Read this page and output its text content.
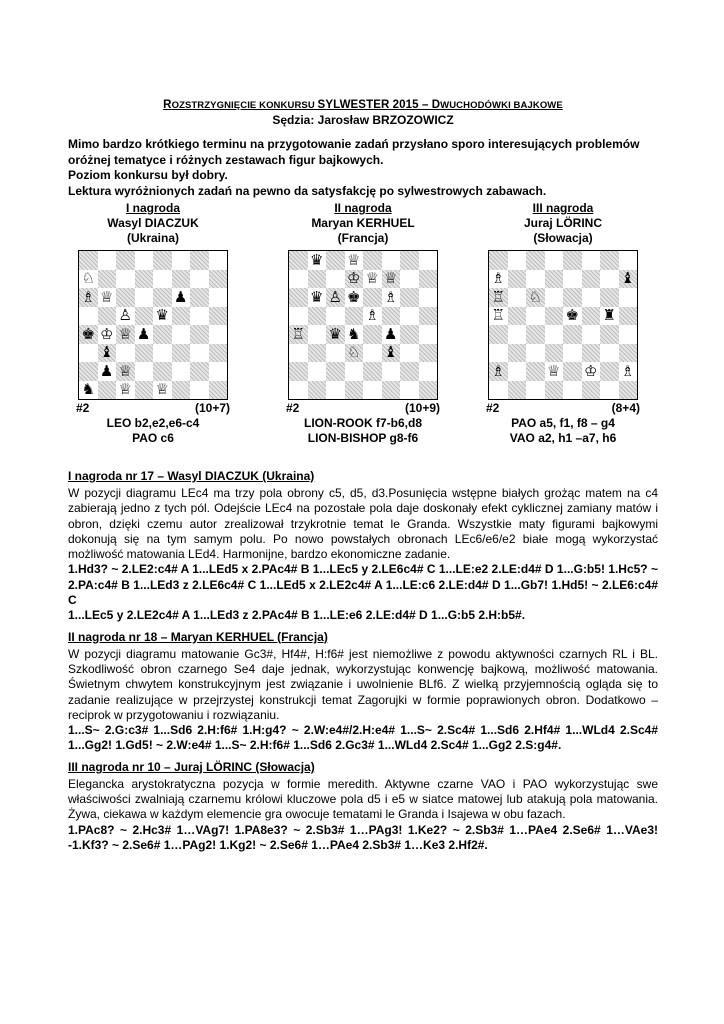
ROZSTRZYGNIĘCIE KONKURSU SYLWESTER 2015 – DWUCHODÓWKI BAJKOWE
Sędzia: Jarosław BRZOZOWICZ
Mimo bardzo krótkiego terminu na przygotowanie zadań przysłano sporo interesujących problemów oróżnej tematyce i różnych zestawach figur bajkowych.
Poziom konkursu był dobry.
Lektura wyróżnionych zadań na pewno da satysfakcję po sylwestrowych zabawach.
I nagroda
Wasyl DIACZUK
(Ukraina)
♘
♗ ♕	♟
♙ ♛
♚ ♔ ♕ ♟
♝
♟ ♕
♞ ♕ ♕
#2	(10+7)
LEO b2,e2,e6-c4
PAO c6
II nagroda
Maryan KERHUEL
(Francja)
♛ ♕
♔ ♕ ♕
♛ ♙ ♚ ♗
♗
♖ ♛ ♞ ♟
♘ ♝
#2	(10+9)
LION-ROOK f7-b6,d8
LION-BISHOP g8-f6
III nagroda
Juraj LÖRINC
(Słowacja)
♗	♝
♖ ♘
♖	♚ ♜
♗	♕ ♔ ♗
#2	(8+4)
PAO a5, f1, f8 – g4
VAO a2, h1 –a7, h6
I nagroda nr 17 – Wasyl DIACZUK (Ukraina)

W pozycji diagramu LEc4 ma trzy pola obrony c5, d5, d3.Posunięcia wstępne białych grożąc matem na c4 zabierają jedno z tych pól. Odejście LEc4 na pozostałe pola daje doskonały efekt cyklicznej zamiany matów i obron, dzięki czemu autor zrealizował trzykrotnie temat le Granda. Wszystkie maty figurami bajkowymi dokonują się na tym samym polu. Po nowo powstałych obronach LEc6/e6/e2 białe mogą wykorzystać możliwość matowania LEd4. Harmonijne, bardzo ekonomiczne zadanie.

1.Hd3? ~ 2.LE2:c4# A 1...LEd5 x 2.PAc4# B 1...LEc5 y 2.LE6c4# C 1...LE:e2 2.LE:d4# D 1...G:b5! 1.Hc5? ~ 2.PA:c4# B 1...LEd3 z 2.LE6c4# C 1...LEd5 x 2.LE2c4# A 1...LE:c6 2.LE:d4# D 1...Gb7! 1.Hd5! ~ 2.LE6:c4# C

1...LEc5 y 2.LE2c4# A 1...LEd3 z 2.PAc4# B 1...LE:e6 2.LE:d4# D 1...G:b5 2.H:b5#.

II nagroda nr 18 – Maryan KERHUEL (Francja)

W pozycji diagramu matowanie Gc3#, Hf4#, H:f6# jest niemożliwe z powodu aktywności czarnych RL i BL. Szkodliwość obron czarnego Se4 daje jednak, wykorzystując konwencję bajkową, możliwość matowania. Świetnym chwytem konstrukcyjnym jest związanie i uwolnienie BLf6. Z wielką przyjemnością ogląda się to zadanie realizujące w przejrzystej konstrukcji temat Zagorujki w formie poprawionych obron. Dodatkowo – reciprok w przygotowaniu i rozwiązaniu.

1...S~ 2.G:c3# 1...Sd6 2.H:f6# 1.H:g4? ~ 2.W:e4#/2.H:e4# 1...S~ 2.Sc4# 1...Sd6 2.Hf4# 1...WLd4 2.Sc4# 1...Gg2! 1.Gd5! ~ 2.W:e4# 1...S~ 2.H:f6# 1...Sd6 2.Gc3# 1...WLd4 2.Sc4# 1...Gg2 2.S:g4#.

III nagroda nr 10 – Juraj LÖRINC (Słowacja)

Elegancka arystokratyczna pozycja w formie meredith. Aktywne czarne VAO i PAO wykorzystując swe właściwości zwalniają czarnemu królowi kluczowe pola d5 i e5 w siatce matowej lub atakują pola matowania. Żywa, ciekawa w każdym elemencie gra owocuje tematami le Granda i Isajewa w obu fazach.

1.PAc8? ~ 2.Hc3# 1…VAg7! 1.PA8e3? ~ 2.Sb3# 1…PAg3! 1.Ke2? ~ 2.Sb3# 1…PAe4 2.Se6# 1…VAe3! -1.Kf3? ~ 2.Se6# 1…PAg2! 1.Kg2! ~ 2.Se6# 1…PAe4 2.Sb3# 1…Ke3 2.Hf2#.
